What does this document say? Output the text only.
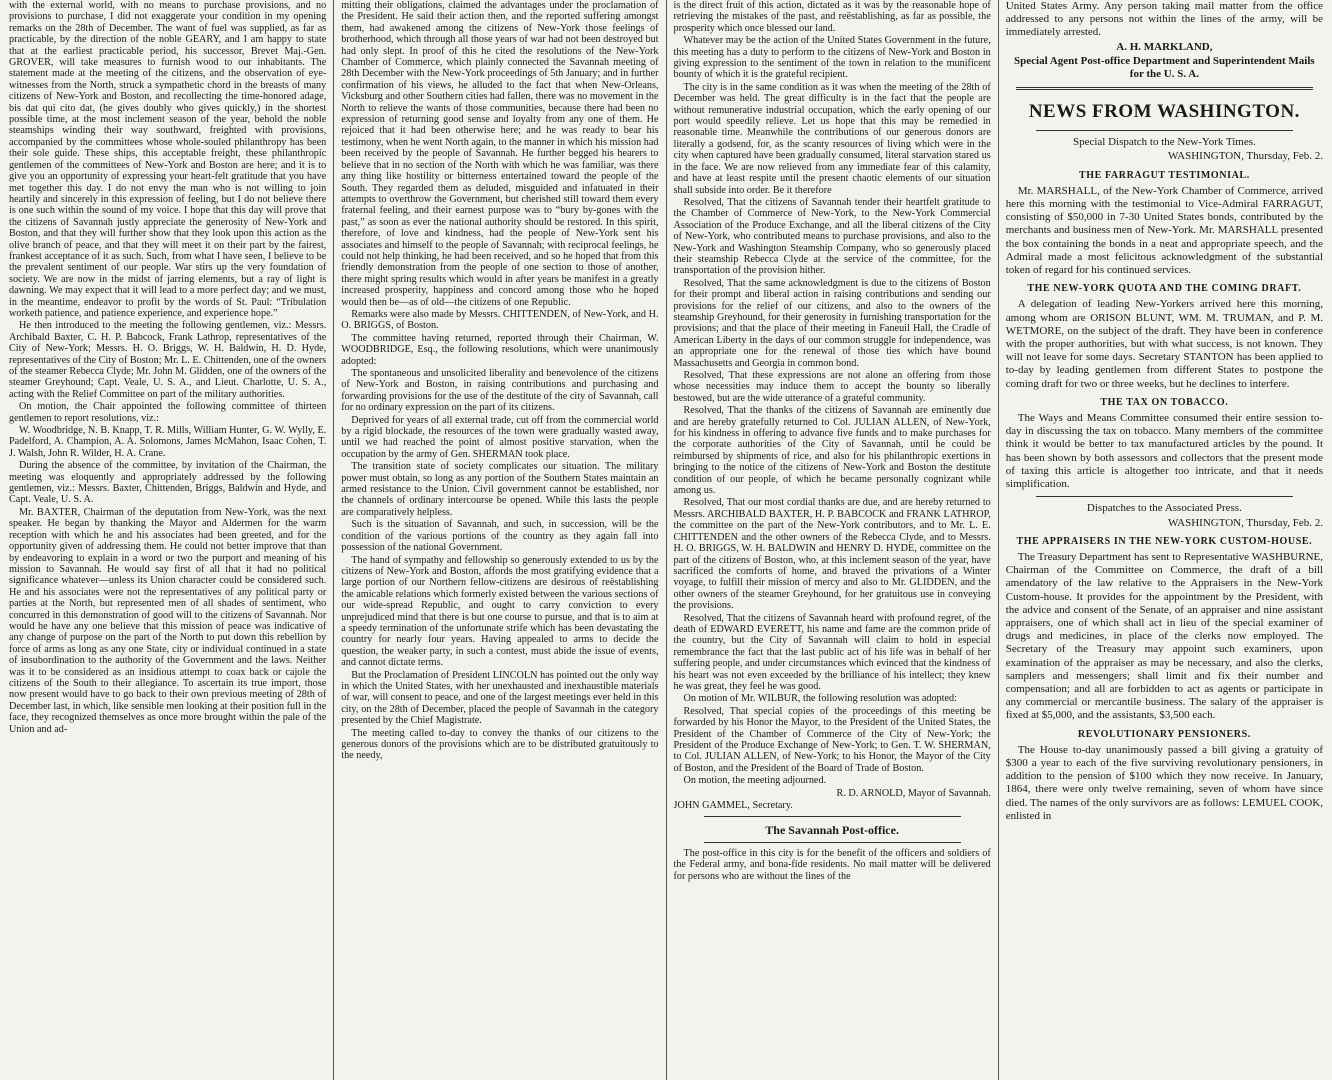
with the external world, with no means to purchase provisions, and no provisions to purchase, I did not exaggerate your condition in my opening remarks on the 28th of December. The want of fuel was supplied, as far as practicable, by the direction of the noble GEARY, and I am happy to state that at the earliest practicable period, his successor, Brevet Maj.-Gen. GROVER, will take measures to furnish wood to our inhabitants. The statement made at the meeting of the citizens, and the observation of eye-witnesses from the North, struck a sympathetic chord in the breasts of many citizens of New-York and Boston, and recollecting the time-honored adage, bis dat qui cito dat, (he gives doubly who gives quickly,) in the shortest possible time, at the most inclement season of the year, behold the noble steamships winding their way southward, freighted with provisions, accompanied by the committees whose whole-souled philanthropy has been their sole guide. These ships, this acceptable freight, these philanthropic gentlemen of the committees of New-York and Boston are here; and it is to give you an opportunity of expressing your heart-felt gratitude that you have met together this day. I do not envy the man who is not willing to join heartily and sincerely in this expression of feeling, but I do not believe there is one such within the sound of my voice. I hope that this day will prove that the citizens of Savannah justly appreciate the generosity of New-York and Boston, and that they will further show that they look upon this action as the olive branch of peace, and that they will meet it on their part by the fairest, frankest acceptance of it as such. Such, from what I have seen, I believe to be the prevalent sentiment of our people. War stirs up the very foundation of society. We are now in the midst of jarring elements, but a ray of light is dawning. We may expect that it will lead to a more perfect day; and we must, in the meantime, endeavor to profit by the words of St. Paul: “Tribulation worketh patience, and patience experience, and experience hope.”

He then introduced to the meeting the following gentlemen, viz.: Messrs. Archibald Baxter, C. H. P. Babcock, Frank Lathrop, representatives of the City of New-York; Messrs. H. O. Briggs, W. H. Baldwin, H. D. Hyde, representatives of the City of Boston; Mr. L. E. Chittenden, one of the owners of the steamer Rebecca Clyde; Mr. John M. Glidden, one of the owners of the steamer Greyhound; Capt. Veale, U. S. A., and Lieut. Charlotte, U. S. A., acting with the Relief Committee on part of the military authorities.

On motion, the Chair appointed the following committee of thirteen gentlemen to report resolutions, viz.:

W. Woodbridge, N. B. Knapp, T. R. Mills, William Hunter, G. W. Wylly, E. Padelford, A. Champion, A. A. Solomons, James McMahon, Isaac Cohen, T. J. Walsh, John R. Wilder, H. A. Crane.

During the absence of the committee, by invitation of the Chairman, the meeting was eloquently and appropriately addressed by the following gentlemen, viz.: Messrs. Baxter, Chittenden, Briggs, Baldwin and Hyde, and Capt. Veale, U. S. A.

Mr. BAXTER, Chairman of the deputation from New-York, was the next speaker. He began by thanking the Mayor and Aldermen for the warm reception with which he and his associates had been greeted, and for the opportunity given of addressing them. He could not better improve that than by endeavoring to explain in a word or two the purport and meaning of his mission to Savannah. He would say first of all that it had no political significance whatever—unless its Union character could be considered such. He and his associates were not the representatives of any political party or parties at the North, but represented men of all shades of sentiment, who concurred in this demonstration of good will to the citizens of Savannah. Nor would he have any one believe that this mission of peace was indicative of any change of purpose on the part of the North to put down this rebellion by force of arms as long as any one State, city or individual continued in a state of insubordination to the authority of the Government and the laws. Neither was it to be considered as an insidious attempt to coax back or cajole the citizens of the South to their allegiance. To ascertain its true import, those now present would have to go back to their own previous meeting of 28th of December last, in which, like sensible men looking at their position full in the face, they recognized themselves as once more brought within the pale of the Union and ad-

mitting their obligations, claimed the advantages under the proclamation of the President. He said their action then, and the reported suffering amongst them, had awakened among the citizens of New-York those feelings of brotherhood, which through all those years of war had not been destroyed but had only slept. In proof of this he cited the resolutions of the New-York Chamber of Commerce, which plainly connected the Savannah meeting of 28th December with the New-York proceedings of 5th January; and in further confirmation of his views, he alluded to the fact that when New-Orleans, Vicksburg and other Southern cities had fallen, there was no movement in the North to relieve the wants of those communities, because there had been no expression of returning good sense and loyalty from any one of them. He rejoiced that it had been otherwise here; and he was ready to bear his testimony, when he went North again, to the manner in which his mission had been received by the people of Savannah. He further begged his hearers to believe that in no section of the North with which he was familiar, was there any thing like hostility or bitterness entertained toward the people of the South. They regarded them as deluded, misguided and infatuated in their attempts to overthrow the Government, but cherished still toward them every fraternal feeling, and their earnest purpose was to “bury by-gones with the past,” as soon as ever the national authority should be restored. In this spirit, therefore, of love and kindness, had the people of New-York sent his associates and himself to the people of Savannah; with reciprocal feelings, he could not help thinking, he had been received, and so he hoped that from this friendly demonstration from the people of one section to those of another, there might spring results which would in after years be manifest in a greatly increased prosperity, happiness and concord among those who he hoped would then be—as of old—the citizens of one Republic.

Remarks were also made by Messrs. CHITTENDEN, of New-York, and H. O. BRIGGS, of Boston.

The committee having returned, reported through their Chairman, W. WOODBRIDGE, Esq., the following resolutions, which were unanimously adopted:

The spontaneous and unsolicited liberality and benevolence of the citizens of New-York and Boston, in raising contributions and purchasing and forwarding provisions for the use of the destitute of the city of Savannah, call for no ordinary expression on the part of its citizens.

Deprived for years of all external trade, cut off from the commercial world by a rigid blockade, the resources of the town were gradually wasted away, until we had reached the point of almost positive starvation, when the occupation by the army of Gen. SHERMAN took place.

The transition state of society complicates our situation. The military power must obtain, so long as any portion of the Southern States maintain an armed resistance to the Union. Civil government cannot be established, nor the channels of ordinary intercourse be opened. While this lasts the people are comparatively helpless.

Such is the situation of Savannah, and such, in succession, will be the condition of the various portions of the country as they again fall into possession of the national Government.

The hand of sympathy and fellowship so generously extended to us by the citizens of New-York and Boston, affords the most gratifying evidence that a large portion of our Northern fellow-citizens are desirous of reëstablishing the amicable relations which formerly existed between the various sections of our wide-spread Republic, and ought to carry conviction to every unprejudiced mind that there is but one course to pursue, and that is to aim at a speedy termination of the unfortunate strife which has been devastating the country for nearly four years. Having appealed to arms to decide the question, the weaker party, in such a contest, must abide the issue of events, and cannot dictate terms.

But the Proclamation of President LINCOLN has pointed out the only way in which the United States, with her unexhausted and inexhaustible materials of war, will consent to peace, and one of the largest meetings ever held in this city, on the 28th of December, placed the people of Savannah in the category presented by the Chief Magistrate.

The meeting called to-day to convey the thanks of our citizens to the generous donors of the provisions which are to be distributed gratuitously to the needy,

is the direct fruit of this action, dictated as it was by the reasonable hope of retrieving the mistakes of the past, and reëstablishing, as far as possible, the prosperity which once blessed our land.

Whatever may be the action of the United States Government in the future, this meeting has a duty to perform to the citizens of New-York and Boston in giving expression to the sentiment of the town in relation to the munificent bounty of which it is the grateful recipient.

The city is in the same condition as it was when the meeting of the 28th of December was held. The great difficulty is in the fact that the people are without remunerative industrial occupation, which the early opening of our port would speedily relieve. Let us hope that this may be remedied in reasonable time. Meanwhile the contributions of our generous donors are literally a godsend, for, as the scanty resources of living which were in the city when captured have been gradually consumed, literal starvation stared us in the face. We are now relieved from any immediate fear of this calamity, and have at least respite until the present chaotic elements of our situation shall subside into order. Be it therefore

Resolved, That the citizens of Savannah tender their heartfelt gratitude to the Chamber of Commerce of New-York, to the New-York Commercial Association of the Produce Exchange, and all the liberal citizens of the City of New-York, who contributed means to purchase provisions, and also to the New-York and Washington Steamship Company, who so generously placed their steamship Rebecca Clyde at the service of the committee, for the transportation of the provision hither.

Resolved, That the same acknowledgment is due to the citizens of Boston for their prompt and liberal action in raising contributions and sending our provisions for the relief of our citizens, and also to the owners of the steamship Greyhound, for their generosity in furnishing transportation for the provisions; and that the place of their meeting in Faneuil Hall, the Cradle of American Liberty in the days of our common struggle for independence, was an appropriate one for the renewal of those ties which have bound Massachusetts and Georgia in common bond.

Resolved, That these expressions are not alone an offering from those whose necessities may induce them to accept the bounty so liberally bestowed, but are the wide utterance of a grateful community.

Resolved, That the thanks of the citizens of Savannah are eminently due and are hereby gratefully returned to Col. JULIAN ALLEN, of New-York, for his kindness in offering to advance five funds and to make purchases for the corporate authorities of the City of Savannah, until he could be reimbursed by shipments of rice, and also for his philanthropic exertions in bringing to the notice of the citizens of New-York and Boston the destitute condition of our people, of which he became personally cognizant while among us.

Resolved, That our most cordial thanks are due, and are hereby returned to Messrs. ARCHIBALD BAXTER, H. P. BABCOCK and FRANK LATHROP, the committee on the part of the New-York contributors, and to Mr. L. E. CHITTENDEN and the other owners of the Rebecca Clyde, and to Messrs. H. O. BRIGGS, W. H. BALDWIN and HENRY D. HYDE, committee on the part of the citizens of Boston, who, at this inclement season of the year, have sacrificed the comforts of home, and braved the privations of a Winter voyage, to fulfill their mission of mercy and also to Mr. GLIDDEN, and the other owners of the steamer Greyhound, for her gratuitous use in conveying the provisions.

Resolved, That the citizens of Savannah heard with profound regret, of the death of EDWARD EVERETT, his name and fame are the common pride of the country, but the City of Savannah will claim to hold in especial remembrance the fact that the last public act of his life was in behalf of her suffering people, and under circumstances which evinced that the kindness of his heart was not even exceeded by the brilliance of his intellect; they knew he was great, they feel he was good.

On motion of Mr. WILBUR, the following resolution was adopted:

Resolved, That special copies of the proceedings of this meeting be forwarded by his Honor the Mayor, to the President of the United States, the President of the Chamber of Commerce of the City of New-York; the President of the Produce Exchange of New-York; to Gen. T. W. SHERMAN, to Col. JULIAN ALLEN, of New-York; to his Honor, the Mayor of the City of Boston, and the President of the Board of Trade of Boston.

On motion, the meeting adjourned.

R. D. ARNOLD, Mayor of Savannah.

JOHN GAMMEL, Secretary.

The Savannah Post-office.

The post-office in this city is for the benefit of the officers and soldiers of the Federal army, and bona-fide residents. No mail matter will be delivered for persons who are without the lines of the

United States Army. Any person taking mail matter from the office addressed to any persons not within the lines of the army, will be immediately arrested.

A. H. MARKLAND,

Special Agent Post-office Department and Superintendent Mails for the U. S. A.

NEWS FROM WASHINGTON.

Special Dispatch to the New-York Times.

WASHINGTON, Thursday, Feb. 2.

THE FARRAGUT TESTIMONIAL.

Mr. MARSHALL, of the New-York Chamber of Commerce, arrived here this morning with the testimonial to Vice-Admiral FARRAGUT, consisting of $50,000 in 7-30 United States bonds, contributed by the merchants and business men of New-York. Mr. MARSHALL presented the box containing the bonds in a neat and appropriate speech, and the Admiral made a most felicitous acknowledgment of the substantial token of regard for his continued services.

THE NEW-YORK QUOTA AND THE COMING DRAFT.

A delegation of leading New-Yorkers arrived here this morning, among whom are ORISON BLUNT, WM. M. TRUMAN, and P. M. WETMORE, on the subject of the draft. They have been in conference with the proper authorities, but with what success, is not known. They will not leave for some days. Secretary STANTON has been applied to to-day by leading gentlemen from different States to postpone the coming draft for two or three weeks, but he declines to interfere.

THE TAX ON TOBACCO.

The Ways and Means Committee consumed their entire session to-day in discussing the tax on tobacco. Many members of the committee think it would be better to tax manufactured articles by the pound. It has been shown by both assessors and collectors that the present mode of taxing this article is altogether too intricate, and that it needs simplification.

Dispatches to the Associated Press.

WASHINGTON, Thursday, Feb. 2.

THE APPRAISERS IN THE NEW-YORK CUSTOM-HOUSE.

The Treasury Department has sent to Representative WASHBURNE, Chairman of the Committee on Commerce, the draft of a bill amendatory of the law relative to the Appraisers in the New-York Custom-house. It provides for the appointment by the President, with the advice and consent of the Senate, of an appraiser and nine assistant appraisers, one of which shall act in lieu of the special examiner of drugs and medicines, in place of the clerks now employed. The Secretary of the Treasury may appoint such examiners, upon examination of the appraiser as may be necessary, and also the clerks, samplers and messengers; shall limit and fix their number and compensation; and all are forbidden to act as agents or participate in any commercial or mercantile business. The salary of the appraiser is fixed at $5,000, and the assistants, $3,500 each.

REVOLUTIONARY PENSIONERS.

The House to-day unanimously passed a bill giving a gratuity of $300 a year to each of the five surviving revolutionary pensioners, in addition to the pension of $100 which they now receive. In January, 1864, there were only twelve remaining, seven of whom have since died. The names of the only survivors are as follows: LEMUEL COOK, enlisted in
